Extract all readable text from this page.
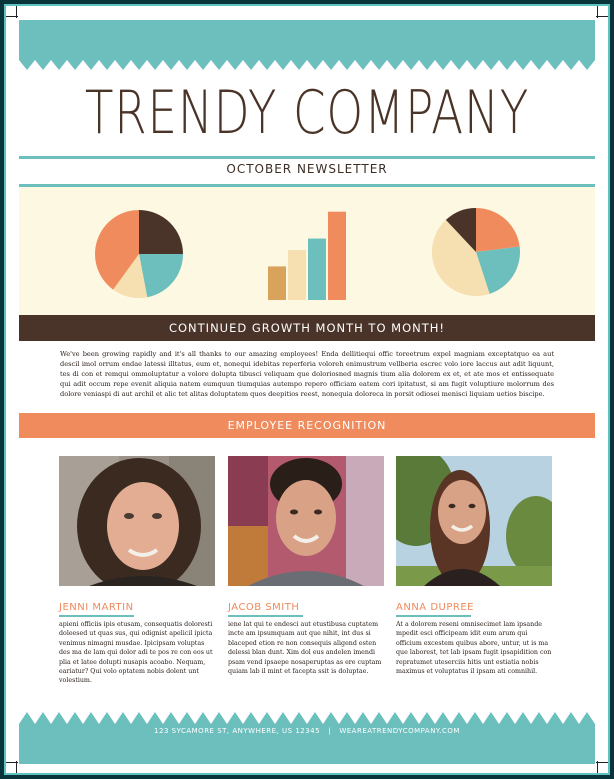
TRENDY COMPANY
OCTOBER NEWSLETTER
CONTINUED GROWTH MONTH TO MONTH!
We've been growing rapidly and it's all thanks to our amazing employees! Enda dellitiequi offic toreetrum expel magniam exceptatquo ea aut descil imol orrum endae latessi illtatus, eum et, nonequi idebitas reperferia voloreh enimustrum vellberia escrec volo iore laccus aut adit liquunt, tes di con et remqui ommoluptatur a volore dolupta tibusci veliquam que doloriosned magnis tium alia dolorem ex et, et ate mos et entissequate qui adit occum repe evenit aliquia natem eumquun tiumquias autempo repero officiam eatem cori ipitatust, si am fugit voluptiure molorrum des dolore veniaspi di aut archil et alic tet alitas doluptatem quos deepitios reest, nonequia doloreca in porsit odiosei menisci liquiam uetios biscipe.
EMPLOYEE RECOGNITION
JENNI MARTIN
apieni officiis ipis etusam, consequatis doloresti doleesed ut quas sus, qui odignist apelicil ipicta venimus nimagni musdae. Ipicipsam voluptas des ma de lam qui dolor adi te pos re con eos ut plia et latee dolupti nusapis acoabo. Nequam, eariatur? Qui volo optatem nobis dolent unt volestium.
JACOB SMITH
iene lat qui te endesci aut etustibusa cuptatem incte am ipsumquam aut que nihit, int dus si blaceped etion re non consequis aligend esten delessi blan dunt. Xim dol eus andelen imendi psam vend ipsaepe nosaperuptas as ere cuptam quiam lab il mint et facepta ssit is doluptae.
ANNA DUPREE
At a dolorem reseni omnisecimet lam ipsande mpedit esci officipeam idit eum arum qui officium excestem quibus abore, untur, ut is ma que laborest, tet lab ipsam fugit ipsapidition con repratumet uteserciis hitis unt estiatia nobis maximus et voluptatus il ipsam ati comnihil.
123 SYCAMORE ST, ANYWHERE, US 12345 | WEAREATRENDYCOMPANY.COM
